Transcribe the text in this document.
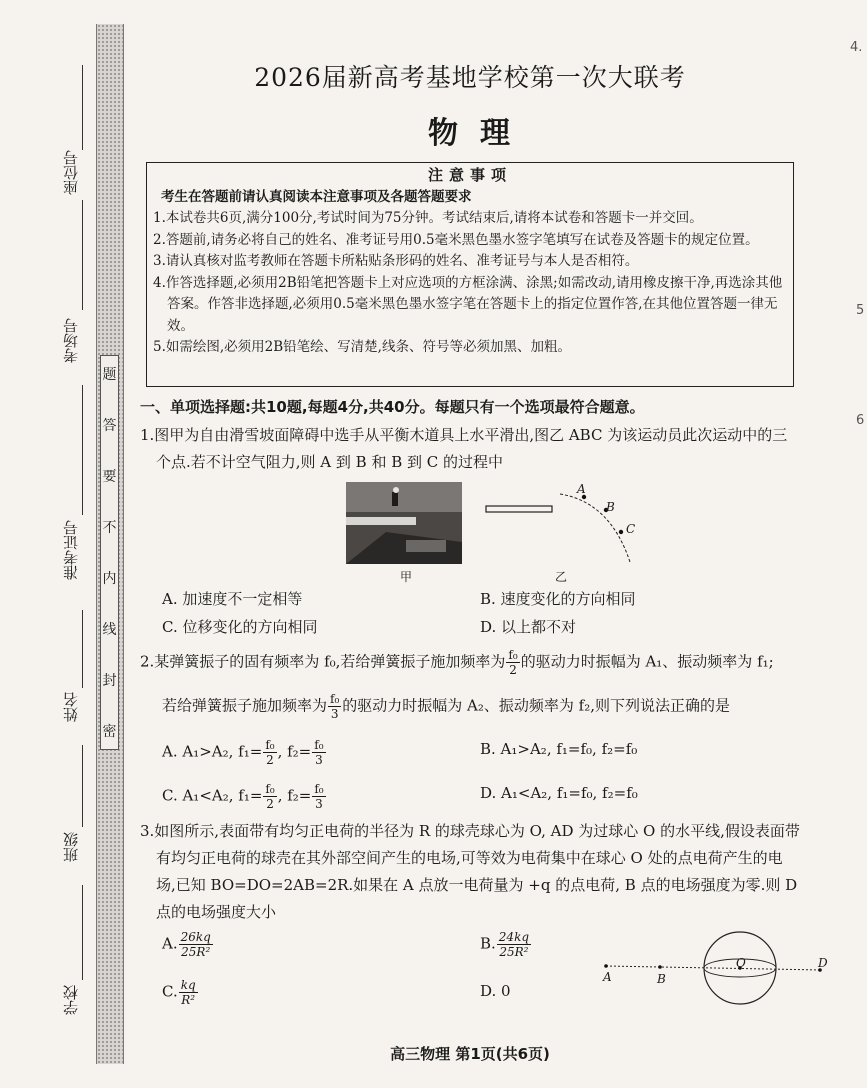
题
答
要
不
内
线
封
密
座位号
考场号
准考证号
姓名
班级
学校
4.
5
6
2026届新高考基地学校第一次大联考
物理
注意事项
考生在答题前请认真阅读本注意事项及各题答题要求
1.本试卷共6页,满分100分,考试时间为75分钟。考试结束后,请将本试卷和答题卡一并交回。
2.答题前,请务必将自己的姓名、准考证号用0.5毫米黑色墨水签字笔填写在试卷及答题卡的规定位置。
3.请认真核对监考教师在答题卡所粘贴条形码的姓名、准考证号与本人是否相符。
4.作答选择题,必须用2B铅笔把答题卡上对应选项的方框涂满、涂黑;如需改动,请用橡皮擦干净,再选涂其他答案。作答非选择题,必须用0.5毫米黑色墨水签字笔在答题卡上的指定位置作答,在其他位置答题一律无效。
5.如需绘图,必须用2B铅笔绘、写清楚,线条、符号等必须加黑、加粗。
一、单项选择题:共10题,每题4分,共40分。每题只有一个选项最符合题意。
1.图甲为自由滑雪坡面障碍中选手从平衡木道具上水平滑出,图乙 ABC 为该运动员此次运动中的三个点.若不计空气阻力,则 A 到 B 和 B 到 C 的过程中
甲
A
B
C
乙
A. 加速度不一定相等	B. 速度变化的方向相同
C. 位移变化的方向相同	D. 以上都不对
2.某弹簧振子的固有频率为 f₀,若给弹簧振子施加频率为 $\frac{\text{f₀}}{2}$ 的驱动力时振幅为 A₁、振动频率为 f₁;
若给弹簧振子施加频率为 $\frac{\text{f₀}}{3}$ 的驱动力时振幅为 A₂、振动频率为 f₂,则下列说法正确的是
A. A₁>A₂, $f_1= \frac{\text{f₀}}{2}$ , $f_2= \frac{\text{f₀}}{3}$	B. A₁>A₂, f₁=f₀, f₂=f₀
C. A₁<A₂, $f_1= \frac{\text{f₀}}{2}$ , $f_2= \frac{\text{f₀}}{3}$	D. A₁<A₂, f₁=f₀, f₂=f₀
3.如图所示,表面带有均匀正电荷的半径为 R 的球壳球心为 O, AD 为过球心 O 的水平线,假设表面带有均匀正电荷的球壳在其外部空间产生的电场,可等效为电荷集中在球心 O 处的点电荷产生的电场,已知 BO=DO=2AB=2R.如果在 A 点放一电荷量为 +q 的点电荷, B 点的电场强度为零.则 D 点的电场强度大小
A. $\frac{26kq}{\text{25R²}}$	B. $\frac{24kq}{\text{25R²}}$
C. $\frac{kq}{\text{R²}}$	D. 0
A	B
O	D
高三物理 第1页(共6页)
